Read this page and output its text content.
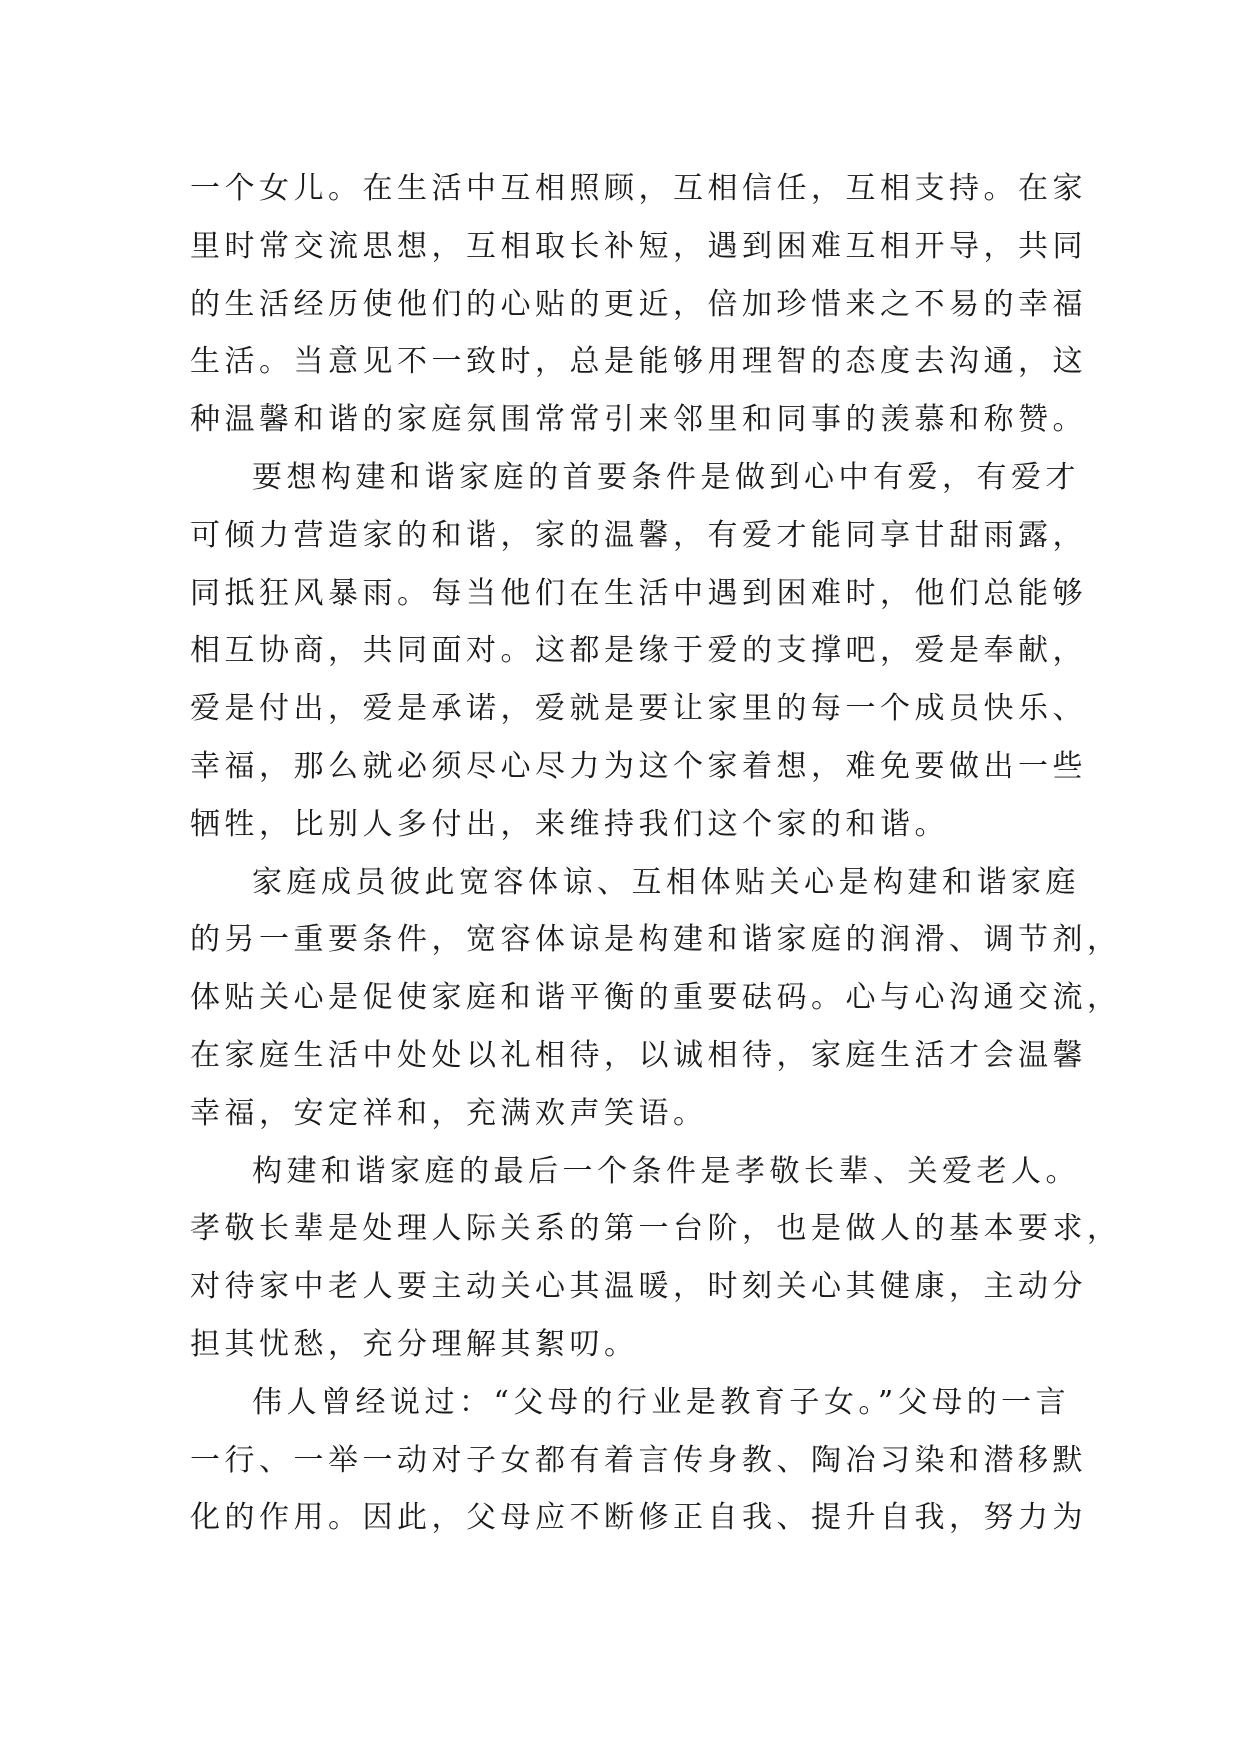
一个女儿。在生活中互相照顾，互相信任，互相支持。在家
里时常交流思想，互相取长补短，遇到困难互相开导，共同
的生活经历使他们的心贴的更近，倍加珍惜来之不易的幸福
生活。当意见不一致时，总是能够用理智的态度去沟通，这
种温馨和谐的家庭氛围常常引来邻里和同事的羡慕和称赞。
要想构建和谐家庭的首要条件是做到心中有爱，有爱才
可倾力营造家的和谐，家的温馨，有爱才能同享甘甜雨露，
同抵狂风暴雨。每当他们在生活中遇到困难时，他们总能够
相互协商，共同面对。这都是缘于爱的支撑吧，爱是奉献，
爱是付出，爱是承诺，爱就是要让家里的每一个成员快乐、
幸福，那么就必须尽心尽力为这个家着想，难免要做出一些
牺牲，比别人多付出，来维持我们这个家的和谐。
家庭成员彼此宽容体谅、互相体贴关心是构建和谐家庭
的另一重要条件，宽容体谅是构建和谐家庭的润滑、调节剂，
体贴关心是促使家庭和谐平衡的重要砝码。心与心沟通交流，
在家庭生活中处处以礼相待，以诚相待，家庭生活才会温馨
幸福，安定祥和，充满欢声笑语。
构建和谐家庭的最后一个条件是孝敬长辈、关爱老人。
孝敬长辈是处理人际关系的第一台阶，也是做人的基本要求，
对待家中老人要主动关心其温暖，时刻关心其健康，主动分
担其忧愁，充分理解其絮叨。
伟人曾经说过：“父母的行业是教育子女。”父母的一言
一行、一举一动对子女都有着言传身教、陶冶习染和潜移默
化的作用。因此，父母应不断修正自我、提升自我，努力为
